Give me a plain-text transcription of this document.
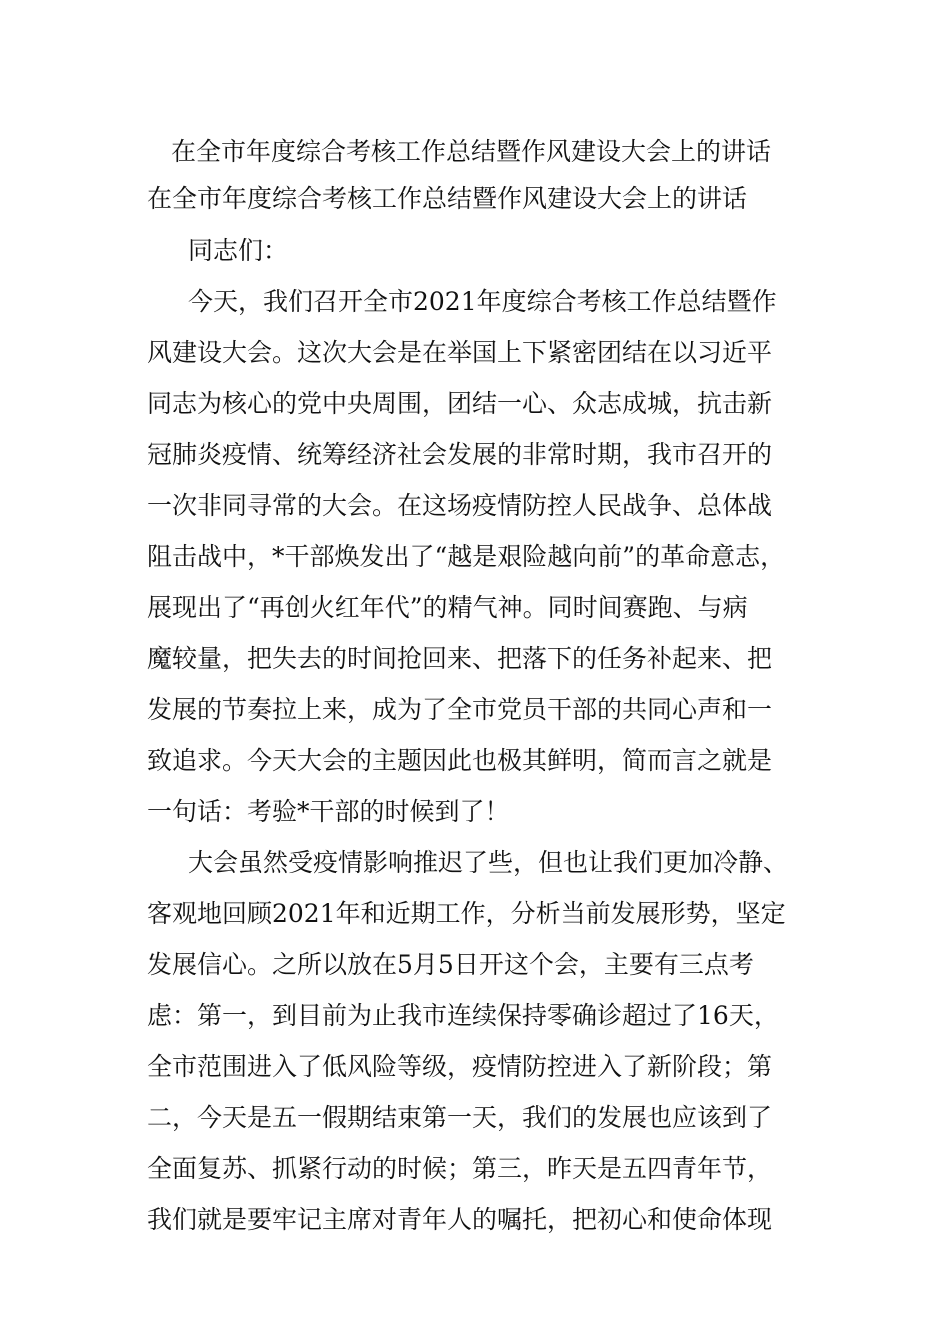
在全市年度综合考核工作总结暨作风建设大会上的讲话
在全市年度综合考核工作总结暨作风建设大会上的讲话

同志们：

今天，我们召开全市2021年度综合考核工作总结暨作

风建设大会。这次大会是在举国上下紧密团结在以习近平

同志为核心的党中央周围，团结一心、众志成城，抗击新

冠肺炎疫情、统筹经济社会发展的非常时期，我市召开的

一次非同寻常的大会。在这场疫情防控人民战争、总体战

阻击战中，*干部焕发出了“越是艰险越向前”的革命意志，

展现出了“再创火红年代”的精气神。同时间赛跑、与病

魔较量，把失去的时间抢回来、把落下的任务补起来、把

发展的节奏拉上来，成为了全市党员干部的共同心声和一

致追求。今天大会的主题因此也极其鲜明，简而言之就是

一句话：考验*干部的时候到了！

大会虽然受疫情影响推迟了些，但也让我们更加冷静、

客观地回顾2021年和近期工作，分析当前发展形势，坚定

发展信心。之所以放在5月5日开这个会，主要有三点考

虑：第一，到目前为止我市连续保持零确诊超过了16天，

全市范围进入了低风险等级，疫情防控进入了新阶段；第

二，今天是五一假期结束第一天，我们的发展也应该到了

全面复苏、抓紧行动的时候；第三，昨天是五四青年节，

我们就是要牢记主席对青年人的嘱托，把初心和使命体现
